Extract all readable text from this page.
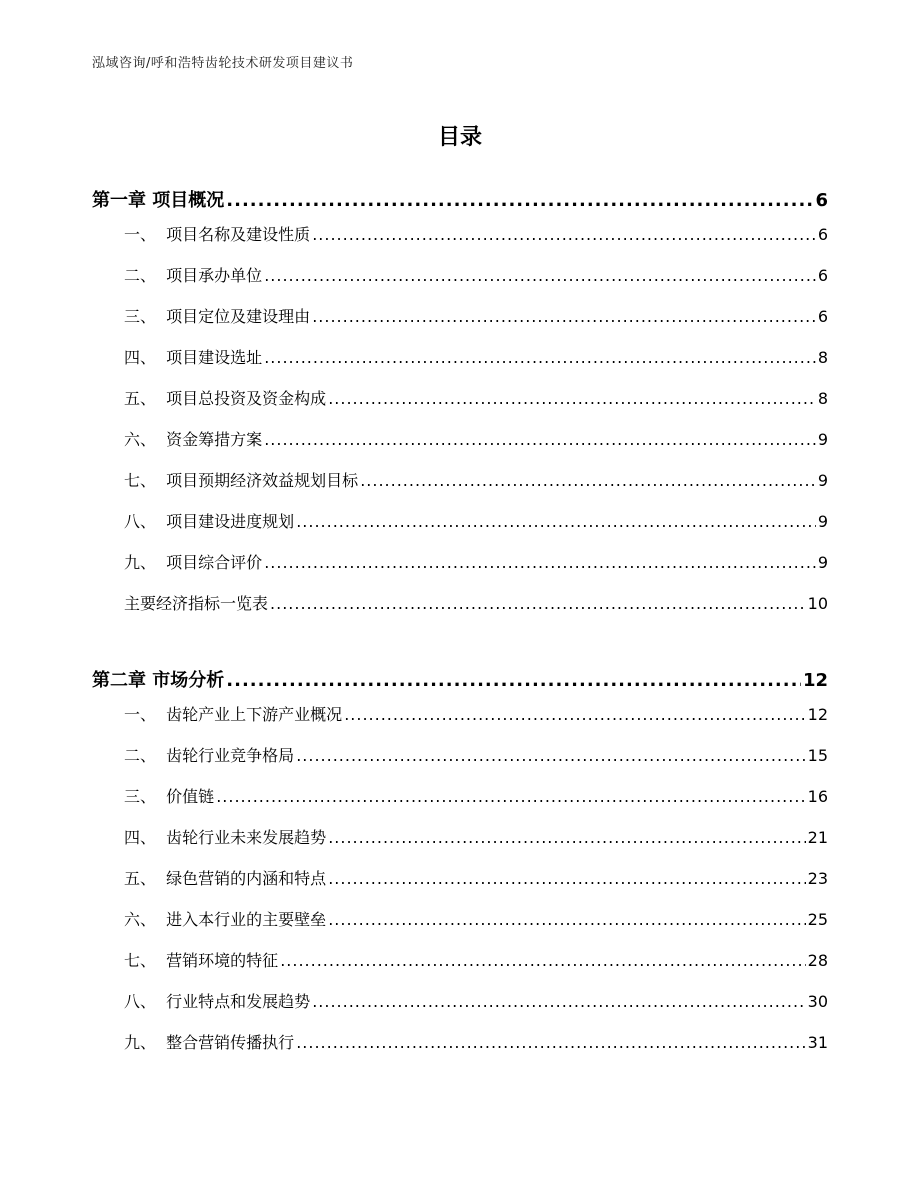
泓域咨询/呼和浩特齿轮技术研发项目建议书
目录
第一章 项目概况 .....	6
一、  项目名称及建设性质 .....	6
二、  项目承办单位 .....	6
三、  项目定位及建设理由 .....	6
四、  项目建设选址 .....	8
五、  项目总投资及资金构成 .....	8
六、  资金筹措方案 .....	9
七、  项目预期经济效益规划目标 .....	9
八、  项目建设进度规划 .....	9
九、  项目综合评价 .....	9
主要经济指标一览表 .....	10
第二章 市场分析 .....	12
一、  齿轮产业上下游产业概况 .....	12
二、  齿轮行业竞争格局 .....	15
三、  价值链 .....	16
四、  齿轮行业未来发展趋势 .....	21
五、  绿色营销的内涵和特点 .....	23
六、  进入本行业的主要壁垒 .....	25
七、  营销环境的特征 .....	28
八、  行业特点和发展趋势 .....	30
九、  整合营销传播执行 .....	31
